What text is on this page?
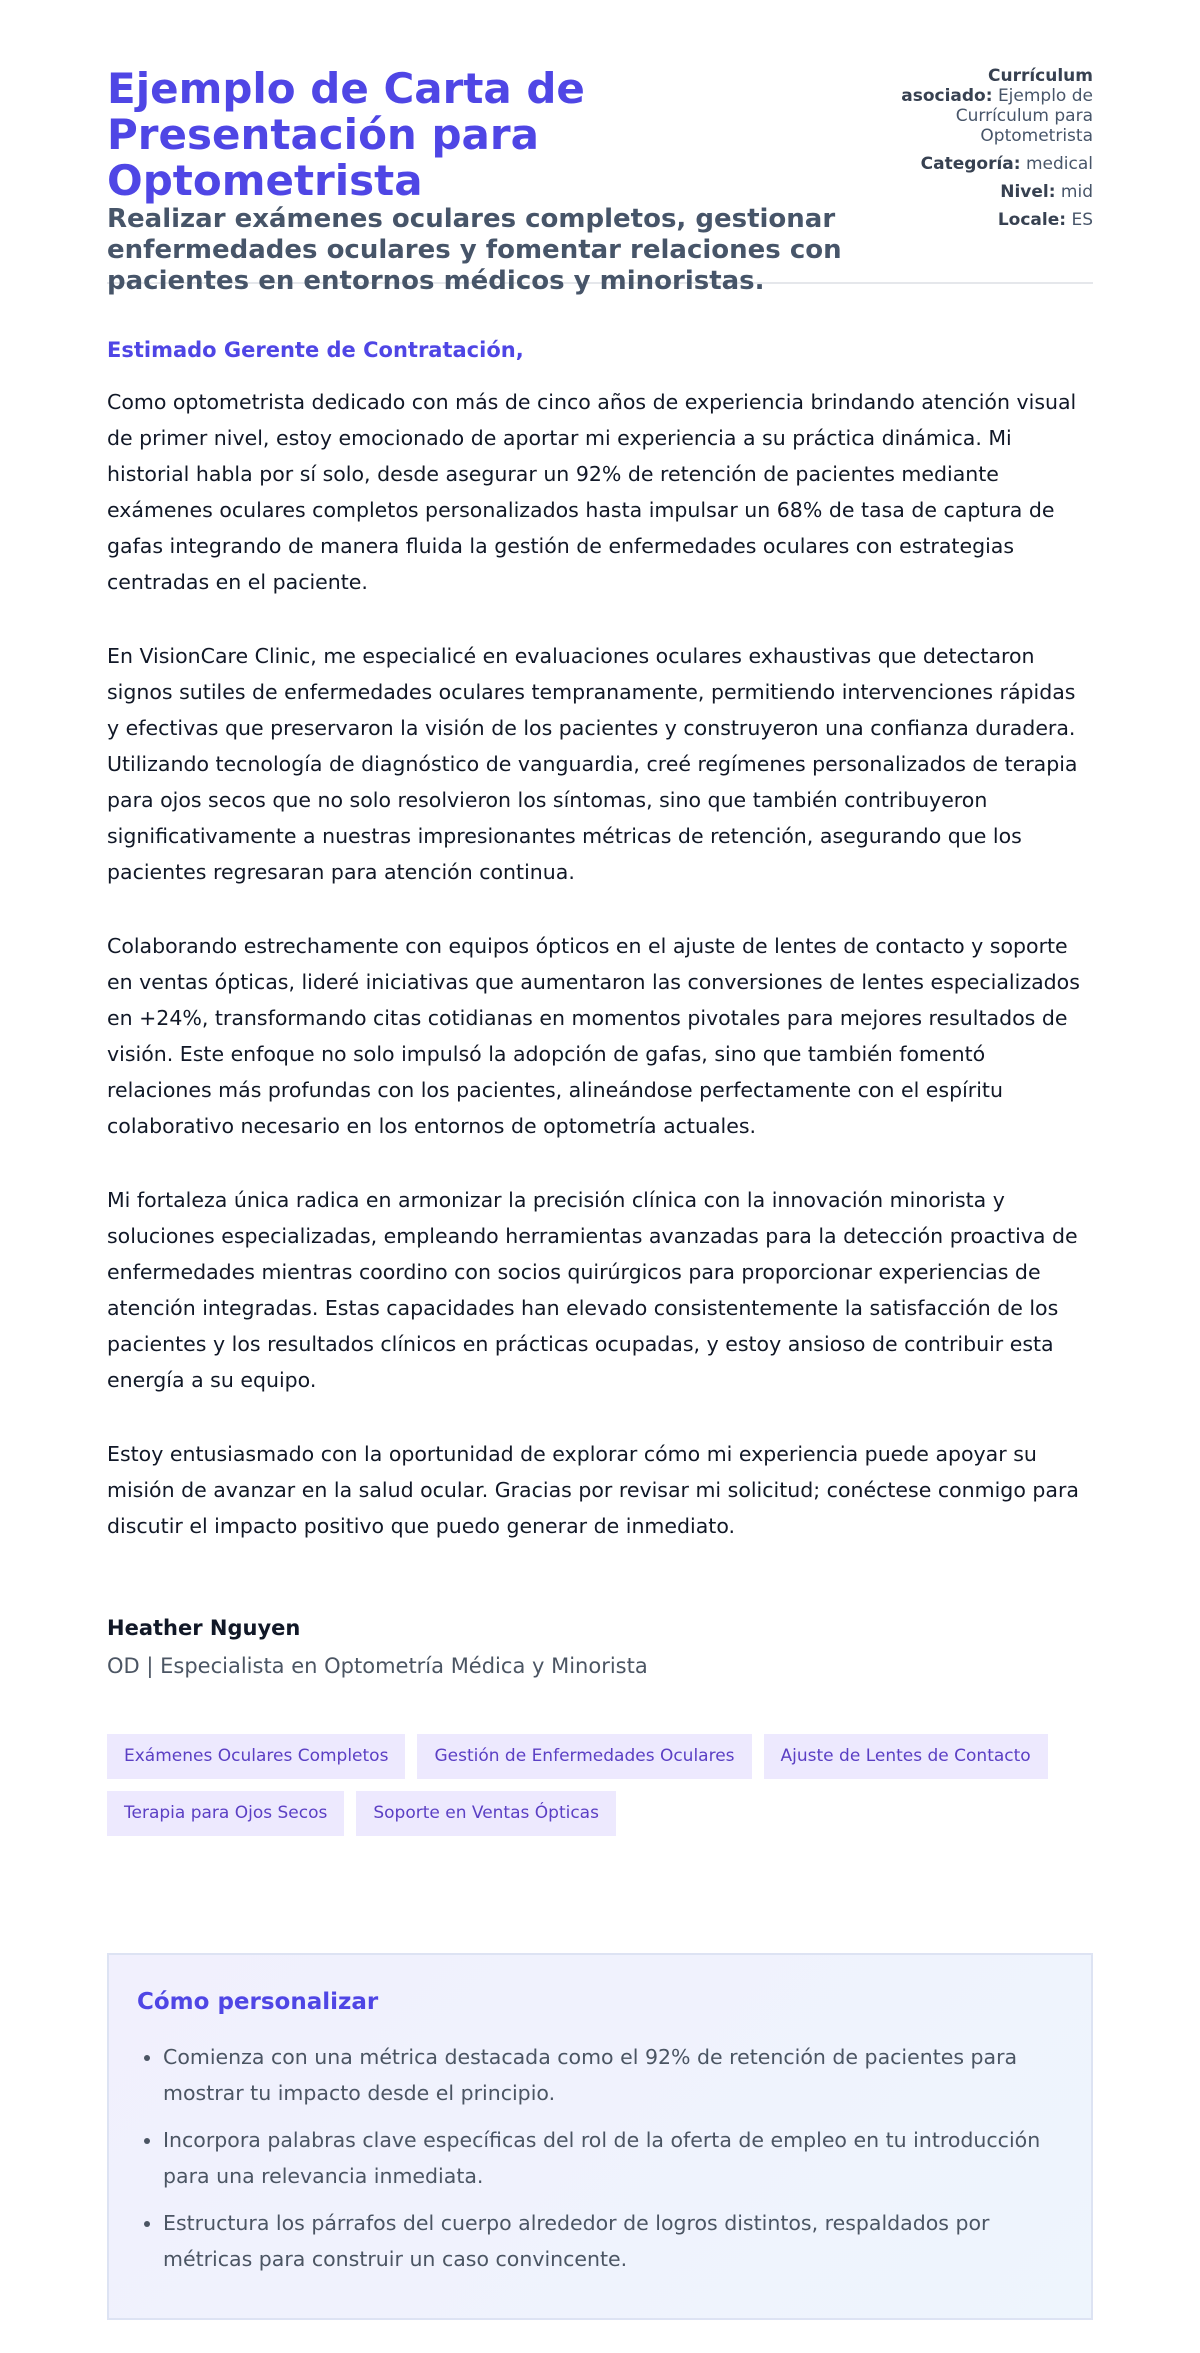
Ejemplo de Carta de Presentación para Optometrista

Realizar exámenes oculares completos, gestionar enfermedades oculares y fomentar relaciones con pacientes en entornos médicos y minoristas.

Currículum asociado: Ejemplo de Currículum para Optometrista
Categoría: medical
Nivel: mid
Locale: ES

Estimado Gerente de Contratación,

Como optometrista dedicado con más de cinco años de experiencia brindando atención visual de primer nivel, estoy emocionado de aportar mi experiencia a su práctica dinámica. Mi historial habla por sí solo, desde asegurar un 92% de retención de pacientes mediante exámenes oculares completos personalizados hasta impulsar un 68% de tasa de captura de gafas integrando de manera fluida la gestión de enfermedades oculares con estrategias centradas en el paciente.

En VisionCare Clinic, me especialicé en evaluaciones oculares exhaustivas que detectaron signos sutiles de enfermedades oculares tempranamente, permitiendo intervenciones rápidas y efectivas que preservaron la visión de los pacientes y construyeron una confianza duradera. Utilizando tecnología de diagnóstico de vanguardia, creé regímenes personalizados de terapia para ojos secos que no solo resolvieron los síntomas, sino que también contribuyeron significativamente a nuestras impresionantes métricas de retención, asegurando que los pacientes regresaran para atención continua.

Colaborando estrechamente con equipos ópticos en el ajuste de lentes de contacto y soporte en ventas ópticas, lideré iniciativas que aumentaron las conversiones de lentes especializados en +24%, transformando citas cotidianas en momentos pivotales para mejores resultados de visión. Este enfoque no solo impulsó la adopción de gafas, sino que también fomentó relaciones más profundas con los pacientes, alineándose perfectamente con el espíritu colaborativo necesario en los entornos de optometría actuales.

Mi fortaleza única radica en armonizar la precisión clínica con la innovación minorista y soluciones especializadas, empleando herramientas avanzadas para la detección proactiva de enfermedades mientras coordino con socios quirúrgicos para proporcionar experiencias de atención integradas. Estas capacidades han elevado consistentemente la satisfacción de los pacientes y los resultados clínicos en prácticas ocupadas, y estoy ansioso de contribuir esta energía a su equipo.

Estoy entusiasmado con la oportunidad de explorar cómo mi experiencia puede apoyar su misión de avanzar en la salud ocular. Gracias por revisar mi solicitud; conéctese conmigo para discutir el impacto positivo que puedo generar de inmediato.

Heather Nguyen

OD | Especialista en Optometría Médica y Minorista

Exámenes Oculares Completos	Gestión de Enfermedades Oculares	Ajuste de Lentes de Contacto
Terapia para Ojos Secos	Soporte en Ventas Ópticas
Cómo personalizar
• Comienza con una métrica destacada como el 92% de retención de pacientes para mostrar tu impacto desde el principio.
• Incorpora palabras clave específicas del rol de la oferta de empleo en tu introducción para una relevancia inmediata.
• Estructura los párrafos del cuerpo alrededor de logros distintos, respaldados por métricas para construir un caso convincente.
